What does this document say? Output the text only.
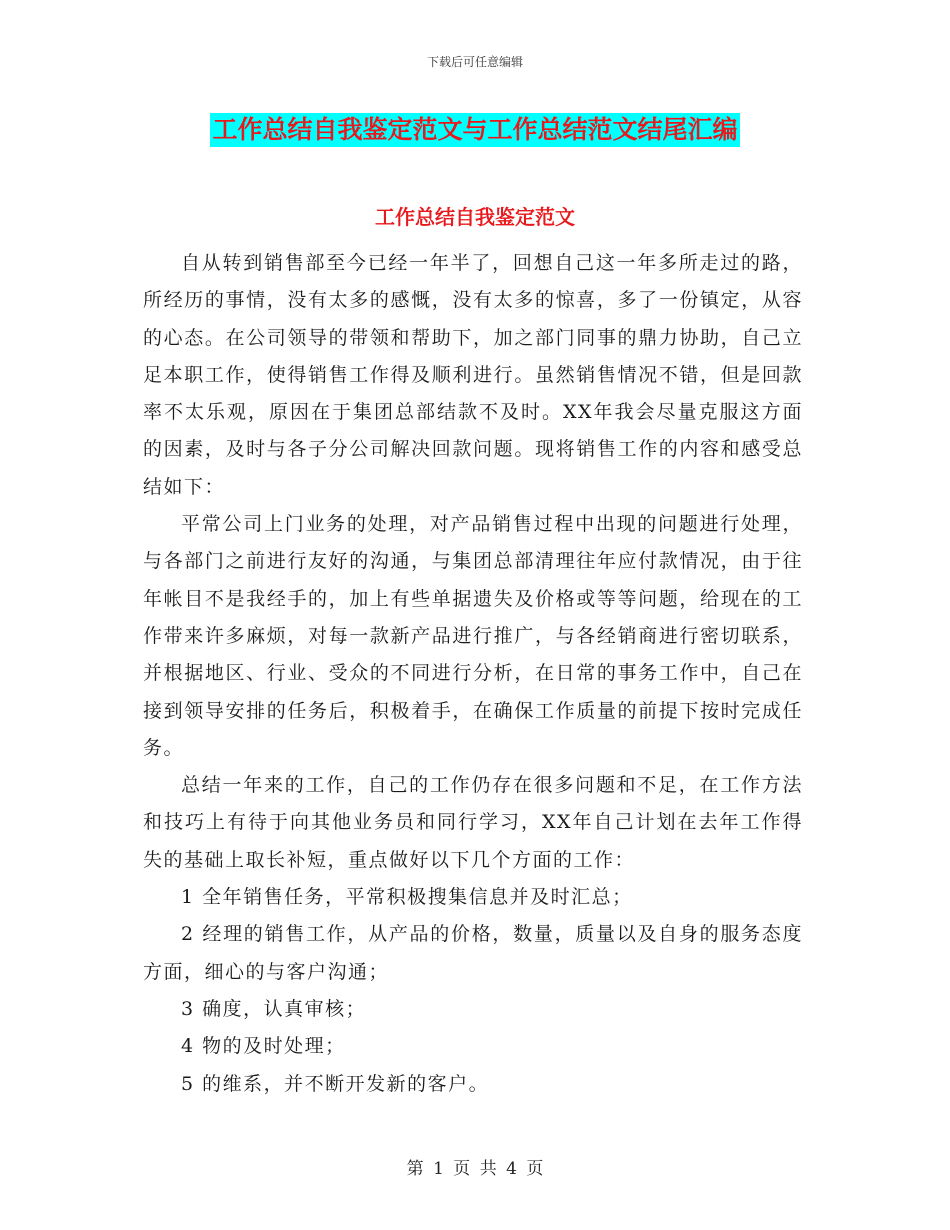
下载后可任意编辑
工作总结自我鉴定范文与工作总结范文结尾汇编
工作总结自我鉴定范文

自从转到销售部至今已经一年半了，回想自己这一年多所走过的路，所经历的事情，没有太多的感慨，没有太多的惊喜，多了一份镇定，从容的心态。在公司领导的带领和帮助下，加之部门同事的鼎力协助，自己立足本职工作，使得销售工作得及顺利进行。虽然销售情况不错，但是回款率不太乐观，原因在于集团总部结款不及时。XX年我会尽量克服这方面的因素，及时与各子分公司解决回款问题。现将销售工作的内容和感受总结如下：

平常公司上门业务的处理，对产品销售过程中出现的问题进行处理，与各部门之前进行友好的沟通，与集团总部清理往年应付款情况，由于往年帐目不是我经手的，加上有些单据遗失及价格或等等问题，给现在的工作带来许多麻烦，对每一款新产品进行推广，与各经销商进行密切联系，并根据地区、行业、受众的不同进行分析，在日常的事务工作中，自己在接到领导安排的任务后，积极着手，在确保工作质量的前提下按时完成任务。

总结一年来的工作，自己的工作仍存在很多问题和不足，在工作方法和技巧上有待于向其他业务员和同行学习，XX年自己计划在去年工作得失的基础上取长补短，重点做好以下几个方面的工作：

1 全年销售任务，平常积极搜集信息并及时汇总；

2 经理的销售工作，从产品的价格，数量，质量以及自身的服务态度方面，细心的与客户沟通；

3 确度，认真审核；

4 物的及时处理；

5 的维系，并不断开发新的客户。

第 1 页 共 4 页
